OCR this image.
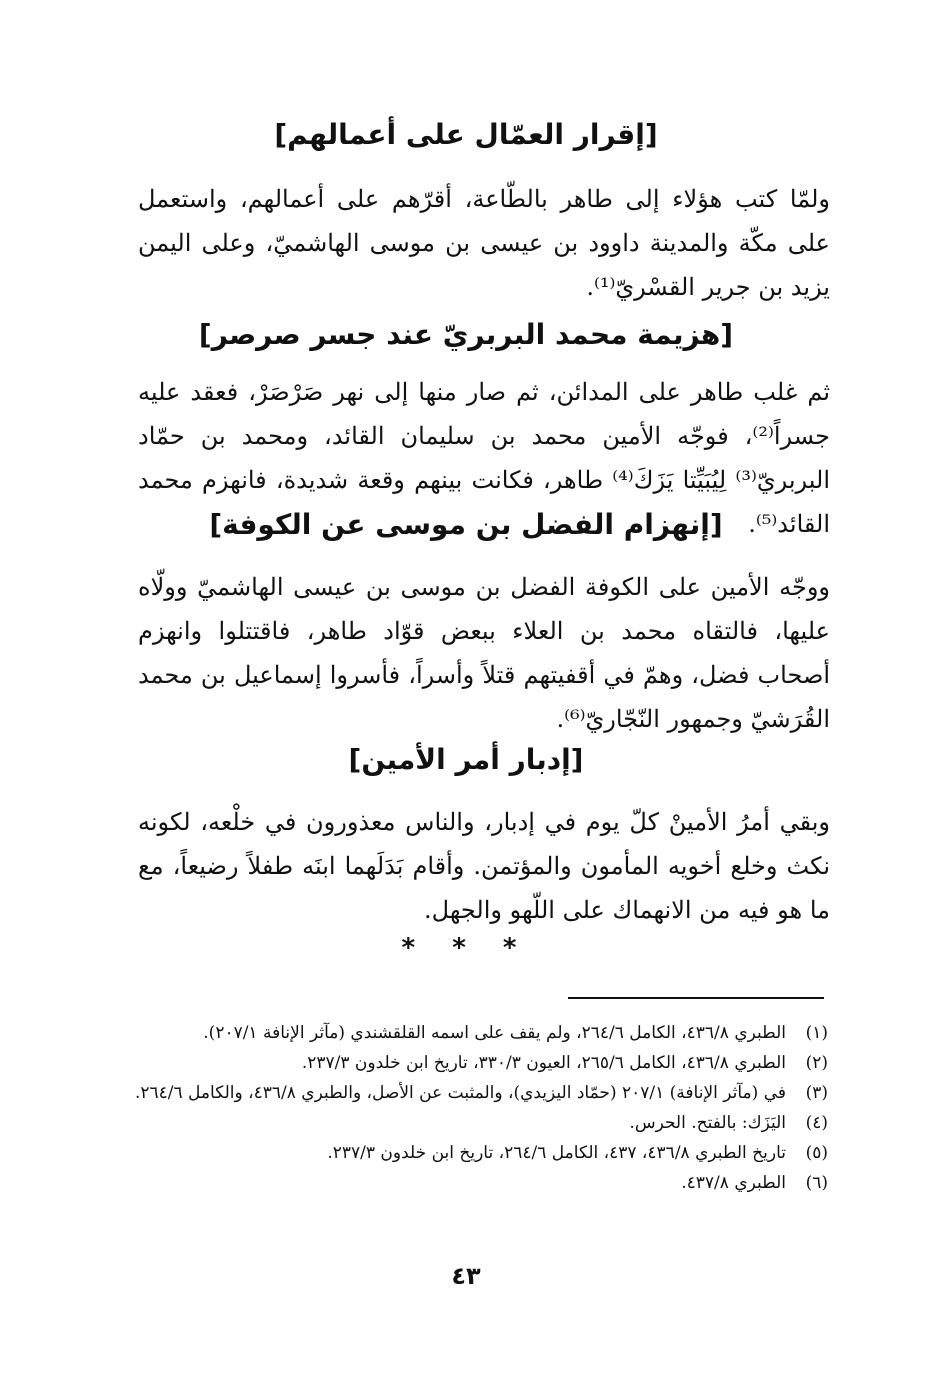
[إقرار العمّال على أعمالهم]

ولمّا كتب هؤلاء إلى طاهر بالطّاعة، أقرّهم على أعمالهم، واستعمل على مكّة والمدينة داوود بن عيسى بن موسى الهاشميّ، وعلى اليمن يزيد بن جرير القسْريّ⁽¹⁾.

[هزيمة محمد البربريّ عند جسر صرصر]

ثم غلب طاهر على المدائن، ثم صار منها إلى نهر صَرْصَرْ، فعقد عليه جسراً⁽²⁾، فوجّه الأمين محمد بن سليمان القائد، ومحمد بن حمّاد البربريّ⁽³⁾ لِيُبَيِّتا يَزَكَ⁽⁴⁾ طاهر، فكانت بينهم وقعة شديدة، فانهزم محمد القائد⁽⁵⁾.

[إنهزام الفضل بن موسى عن الكوفة]

ووجّه الأمين على الكوفة الفضل بن موسى بن عيسى الهاشميّ وولّاه عليها، فالتقاه محمد بن العلاء ببعض قوّاد طاهر، فاقتتلوا وانهزم أصحاب فضل، وهمّ في أقفيتهم قتلاً وأسراً، فأسروا إسماعيل بن محمد القُرَشيّ وجمهور النّجّاريّ⁽⁶⁾.

[إدبار أمر الأمين]

وبقي أمرُ الأمينْ كلّ يوم في إدبار، والناس معذورون في خلْعه، لكونه نكث وخلع أخويه المأمون والمؤتمن. وأقام بَدَلَهما ابنَه طفلاً رضيعاً، مع ما هو فيه من الانهماك على اللّهو والجهل.

* * *
(١)
الطبري ٤٣٦/٨، الكامل ٢٦٤/٦، ولم يقف على اسمه القلقشندي (مآثر الإنافة ٢٠٧/١).
(٢)
الطبري ٤٣٦/٨، الكامل ٢٦٥/٦، العيون ٣٣٠/٣، تاريخ ابن خلدون ٢٣٧/٣.
(٣)
في (مآثر الإنافة) ٢٠٧/١ (حمّاد اليزيدي)، والمثبت عن الأصل، والطبري ٤٣٦/٨، والكامل ٢٦٤/٦.
(٤)
اليَزَك: بالفتح. الحرس.
(٥)
تاريخ الطبري ٤٣٦/٨، ٤٣٧، الكامل ٢٦٤/٦، تاريخ ابن خلدون ٢٣٧/٣.
(٦)
الطبري ٤٣٧/٨.
٤٣
